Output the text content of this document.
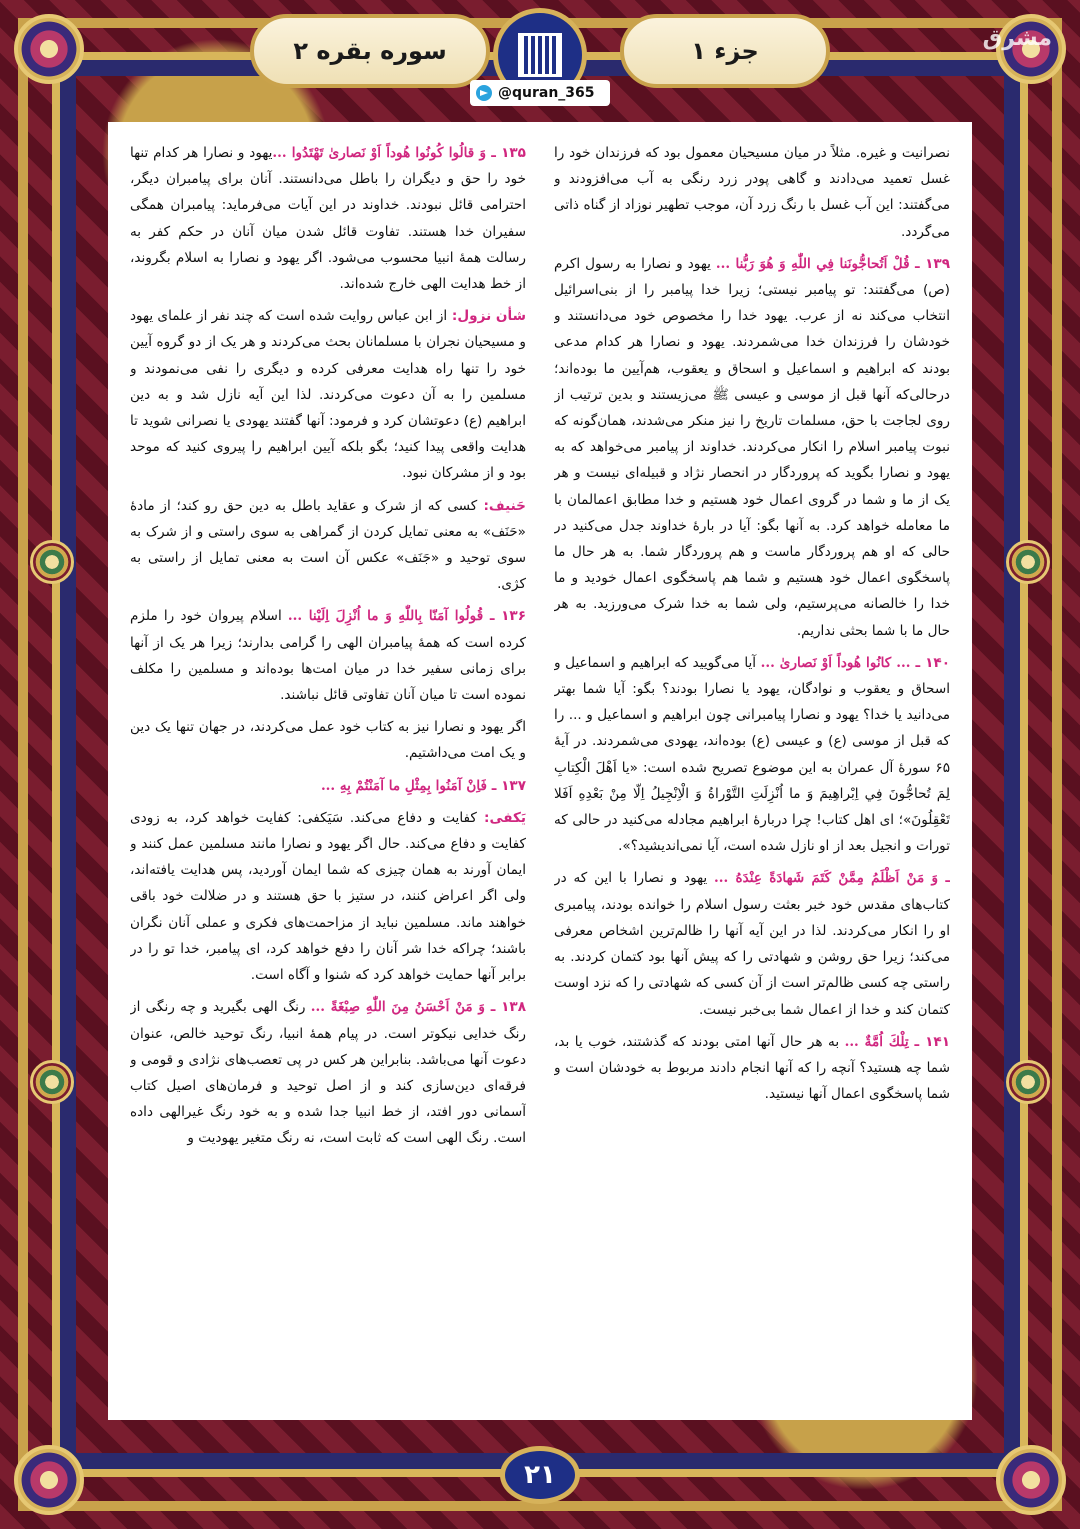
سوره بقره ۲	جزء ۱
@quran_365
مشرق

۱۳۵ ـ وَ قالُوا كُونُوا هُوداً اَوْ نَصارىٰ تَهْتَدُوا ...یهود و نصارا هر کدام تنها خود را حق و دیگران را باطل می‌دانستند. آنان برای پیامبران دیگر، احترامی قائل نبودند. خداوند در این آیات می‌فرماید: پیامبران همگی سفیران خدا هستند. تفاوت قائل شدن میان آنان در حکم کفر به رسالت همهٔ انبیا محسوب می‌شود. اگر یهود و نصارا به اسلام بگروند، از خط هدایت الهی خارج شده‌اند.

شأن نزول: از ابن عباس روایت شده است که چند نفر از علمای یهود و مسیحیان نجران با مسلمانان بحث می‌کردند و هر یک از دو گروه آیین خود را تنها راه هدایت معرفی کرده و دیگری را نفی می‌نمودند و مسلمین را به آن دعوت می‌کردند. لذا این آیه نازل شد و به دین ابراهیم (ع) دعوتشان کرد و فرمود: آنها گفتند یهودی یا نصرانی شوید تا هدایت واقعی پیدا کنید؛ بگو بلکه آیین ابراهیم را پیروی کنید که موحد بود و از مشرکان نبود.

حَنیف: کسی که از شرک و عقاید باطل به دین حق رو کند؛ از مادهٔ «حَنَف» به معنی تمایل کردن از گمراهی به سوی راستی و از شرک به سوی توحید و «جَنَف» عکس آن است به معنی تمایل از راستی به کژی.

۱۳۶ ـ قُولُوا آمَنّا بِاللّٰهِ وَ ما اُنْزِلَ اِلَيْنا ... اسلام پیروان خود را ملزم کرده است که همهٔ پیامبران الهی را گرامی بدارند؛ زیرا هر یک از آنها برای زمانی سفیر خدا در میان امت‌ها بوده‌اند و مسلمین را مکلف نموده است تا میان آنان تفاوتی قائل نباشند.

اگر یهود و نصارا نیز به کتاب خود عمل می‌کردند، در جهان تنها یک دین و یک امت می‌داشتیم.

۱۳۷ ـ فَاِنْ آمَنُوا بِمِثْلِ ما آمَنْتُمْ بِهِ ...

یَکفی: کفایت و دفاع می‌کند. سَیَکفی: کفایت خواهد کرد، به زودی کفایت و دفاع می‌کند. حال اگر یهود و نصارا مانند مسلمین عمل کنند و ایمان آورند به همان چیزی که شما ایمان آوردید، پس هدایت یافته‌اند، ولی اگر اعراض کنند، در ستیز با حق هستند و در ضلالت خود باقی خواهند ماند. مسلمین نباید از مزاحمت‌های فکری و عملی آنان نگران باشند؛ چراکه خدا شر آنان را دفع خواهد کرد، ای پیامبر، خدا تو را در برابر آنها حمایت خواهد کرد که شنوا و آگاه است.

۱۳۸ ـ وَ مَنْ اَحْسَنُ مِنَ اللّٰهِ صِبْغَةً ... رنگ الهی بگیرید و چه رنگی از رنگ خدایی نیکوتر است. در پیام همهٔ انبیا، رنگ توحید خالص، عنوان دعوت آنها می‌باشد. بنابراین هر کس در پی تعصب‌های نژادی و قومی و فرقه‌ای دین‌سازی کند و از اصل توحید و فرمان‌های اصیل کتاب آسمانی دور افتد، از خط انبیا جدا شده و به خود رنگ غیرالهی داده است. رنگ الهی است که ثابت است، نه رنگ متغیر یهودیت و

نصرانیت و غیره. مثلاً در میان مسیحیان معمول بود که فرزندان خود را غسل تعمید می‌دادند و گاهی پودر زرد رنگی به آب می‌افزودند و می‌گفتند: این آب غسل با رنگ زرد آن، موجب تطهیر نوزاد از گناه ذاتی می‌گردد.

۱۳۹ ـ قُلْ اَتُحاجُّونَنا فِي اللّٰهِ وَ هُوَ رَبُّنا ... یهود و نصارا به رسول اکرم (ص) می‌گفتند: تو پیامبر نیستی؛ زیرا خدا پیامبر را از بنی‌اسرائیل انتخاب می‌کند نه از عرب. یهود خدا را مخصوص خود می‌دانستند و خودشان را فرزندان خدا می‌شمردند. یهود و نصارا هر کدام مدعی بودند که ابراهیم و اسماعیل و اسحاق و یعقوب، هم‌آیین ما بوده‌اند؛ درحالی‌که آنها قبل از موسی و عیسی ﷺ می‌زیستند و بدین ترتیب از روی لجاجت با حق، مسلمات تاریخ را نیز منکر می‌شدند، همان‌گونه که نبوت پیامبر اسلام را انکار می‌کردند. خداوند از پیامبر می‌خواهد که به یهود و نصارا بگوید که پروردگار در انحصار نژاد و قبیله‌ای نیست و هر یک از ما و شما در گروی اعمال خود هستیم و خدا مطابق اعمالمان با ما معامله خواهد کرد. به آنها بگو: آیا در بارهٔ خداوند جدل می‌کنید در حالی که او هم پروردگار ماست و هم پروردگار شما. به هر حال ما پاسخگوی اعمال خود هستیم و شما هم پاسخگوی اعمال خودید و ما خدا را خالصانه می‌پرستیم، ولی شما به خدا شرک می‌ورزید. به هر حال ما با شما بحثی نداریم.

۱۴۰ ـ ... كانُوا هُوداً اَوْ نَصارىٰ ... آیا می‌گویید که ابراهیم و اسماعیل و اسحاق و یعقوب و نوادگان، یهود یا نصارا بودند؟ بگو: آیا شما بهتر می‌دانید یا خدا؟ یهود و نصارا پیامبرانی چون ابراهیم و اسماعیل و ... را که قبل از موسی (ع) و عیسی (ع) بوده‌اند، یهودی می‌شمردند. در آیهٔ ۶۵ سورهٔ آل عمران به این موضوع تصریح شده است: «یا اَهْلَ الْكِتابِ لِمَ تُحاجُّونَ فِي اِبْراهِيمَ وَ ما اُنْزِلَتِ التَّوْراةُ وَ الْاِنْجِيلُ اِلّا مِنْ بَعْدِهِ اَفَلا تَعْقِلُونَ»؛ ای اهل کتاب! چرا دربارهٔ ابراهیم مجادله می‌کنید در حالی که تورات و انجیل بعد از او نازل شده است، آیا نمی‌اندیشید؟».

ـ وَ مَنْ اَظْلَمُ مِمَّنْ كَتَمَ شَهادَةً عِنْدَهُ ... یهود و نصارا با این که در کتاب‌های مقدس خود خبر بعثت رسول اسلام را خوانده بودند، پیامبری او را انکار می‌کردند. لذا در این آیه آنها را ظالم‌ترین اشخاص معرفی می‌کند؛ زیرا حق روشن و شهادتی را که پیش آنها بود کتمان کردند. به راستی چه کسی ظالم‌تر است از آن کسی که شهادتی را که نزد اوست کتمان کند و خدا از اعمال شما بی‌خبر نیست.

۱۴۱ ـ تِلْكَ اُمَّةٌ ... به هر حال آنها امتی بودند که گذشتند، خوب یا بد، شما چه هستید؟ آنچه را که آنها انجام دادند مربوط به خودشان است و شما پاسخگوی اعمال آنها نیستید.

۲۱
